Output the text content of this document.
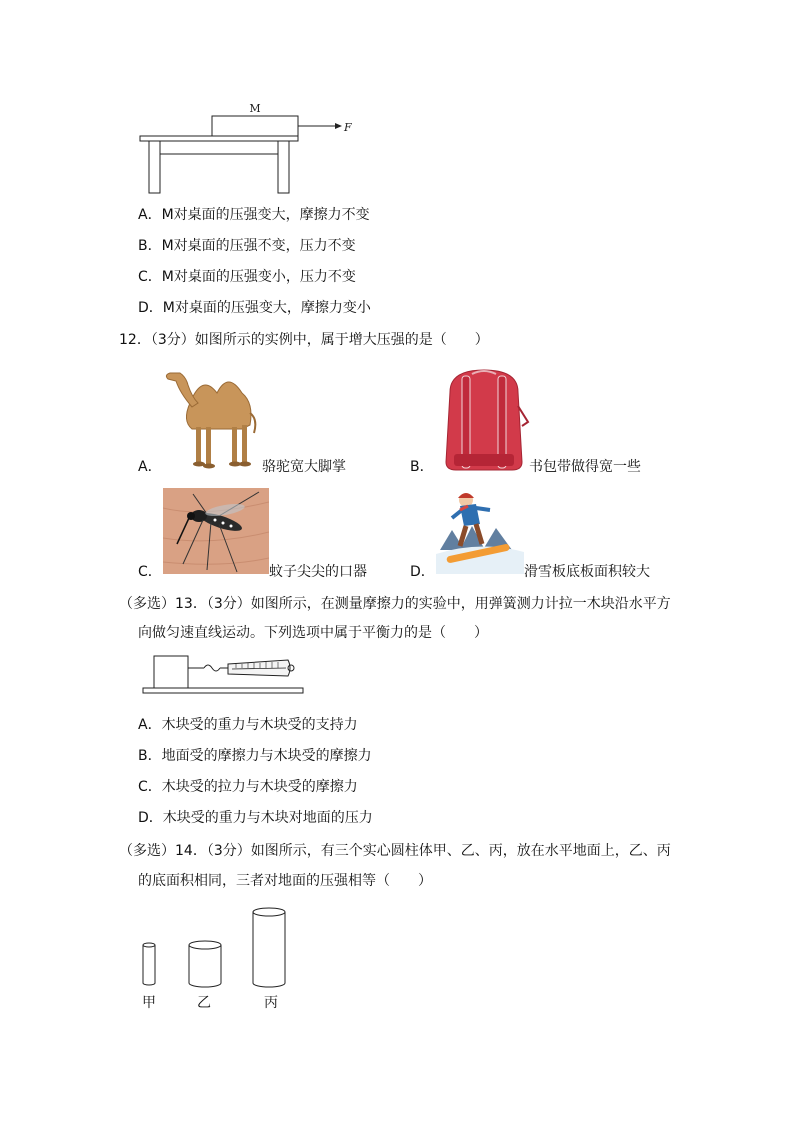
M
F
A．M对桌面的压强变大，摩擦力不变
B．M对桌面的压强不变，压力不变
C．M对桌面的压强变小，压力不变
D．M对桌面的压强变大，摩擦力变小
12．（3分）如图所示的实例中，属于增大压强的是（　　）
A．	骆驼宽大脚掌	B．	书包带做得宽一些
C．	蚊子尖尖的口器	D．	滑雪板底板面积较大
（多选）13．（3分）如图所示，在测量摩擦力的实验中，用弹簧测力计拉一木块沿水平方
向做匀速直线运动。下列选项中属于平衡力的是（　　）
A．木块受的重力与木块受的支持力
B．地面受的摩擦力与木块受的摩擦力
C．木块受的拉力与木块受的摩擦力
D．木块受的重力与木块对地面的压力
（多选）14．（3分）如图所示，有三个实心圆柱体甲、乙、丙，放在水平地面上，乙、丙
的底面积相同，三者对地面的压强相等（　　）
甲	乙	丙
